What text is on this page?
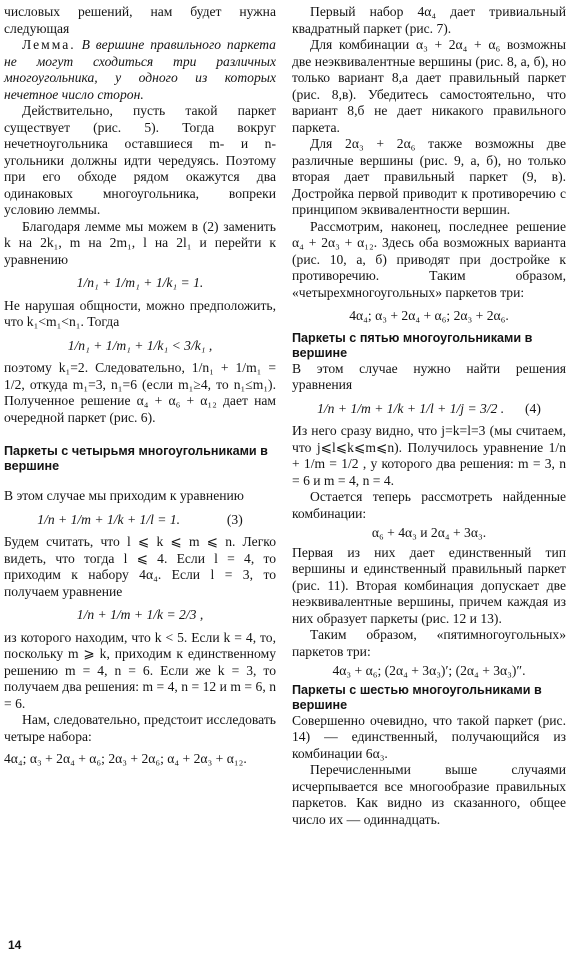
числовых решений, нам будет нужна следующая

Лемма. В вершине правильного паркета не могут сходиться три различных многоугольника, у одного из которых нечетное число сторон.

Действительно, пусть такой паркет существует (рис. 5). Тогда вокруг нечетноугольника оставшиеся m- и n-угольники должны идти чередуясь. Поэтому при его обходе рядом окажутся два одинаковых многоугольника, вопреки условию леммы.

Благодаря лемме мы можем в (2) заменить k на 2k₁, m на 2m₁, l на 2l₁ и перейти к уравнению

1/n₁ + 1/m₁ + 1/k₁ = 1.

Не нарушая общности, можно предположить, что k₁<m₁<n₁. Тогда

1/n₁ + 1/m₁ + 1/k₁ < 3/k₁ ,

поэтому k₁=2. Следовательно, 1/n₁ + 1/m₁ = 1/2, откуда m₁=3, n₁=6 (если m₁≥4, то n₁≤m₁). Полученное решение α₄ + α₆ + α₁₂ дает нам очередной паркет (рис. 6).

Паркеты с четырьмя многоугольниками в вершине

В этом случае мы приходим к уравнению

1/n + 1/m + 1/k + 1/l = 1.	(3)

Будем считать, что l ⩽ k ⩽ m ⩽ n. Легко видеть, что тогда l ⩽ 4. Если l = 4, то приходим к набору 4α₄. Если l = 3, то получаем уравнение

1/n + 1/m + 1/k = 2/3 ,

из которого находим, что k < 5. Если k = 4, то, поскольку m ⩾ k, приходим к единственному решению m = 4, n = 6. Если же k = 3, то получаем два решения: m = 4, n = 12 и m = 6, n = 6.

Нам, следовательно, предстоит исследовать четыре набора:

4α₄; α₃ + 2α₄ + α₆; 2α₃ + 2α₆; α₄ + 2α₃ + α₁₂.

Первый набор 4α₄ дает тривиальный квадратный паркет (рис. 7).

Для комбинации α₃ + 2α₄ + α₆ возможны две неэквивалентные вершины (рис. 8, а, б), но только вариант 8,а дает правильный паркет (рис. 8,в). Убедитесь самостоятельно, что вариант 8,б не дает никакого правильного паркета.

Для 2α₃ + 2α₆ также возможны две различные вершины (рис. 9, а, б), но только вторая дает правильный паркет (9, в). Достройка первой приводит к противоречию с принципом эквивалентности вершин.

Рассмотрим, наконец, последнее решение α₄ + 2α₃ + α₁₂. Здесь оба возможных варианта (рис. 10, а, б) приводят при достройке к противоречию. Таким образом, «четырехмногоугольных» паркетов три:

4α₄; α₃ + 2α₄ + α₆; 2α₃ + 2α₆.

Паркеты с пятью многоугольниками в вершине

В этом случае нужно найти решения уравнения

1/n + 1/m + 1/k + 1/l + 1/j = 3/2 . (4)

Из него сразу видно, что j=k=l=3 (мы считаем, что j⩽l⩽k⩽m⩽n). Получилось уравнение 1/n + 1/m = 1/2 , у которого два решения: m = 3, n = 6 и m = 4, n = 4.

Остается теперь рассмотреть найденные комбинации:

α₆ + 4α₃ и 2α₄ + 3α₃.

Первая из них дает единственный тип вершины и единственный правильный паркет (рис. 11). Вторая комбинация допускает две неэквивалентные вершины, причем каждая из них образует паркеты (рис. 12 и 13).

Таким образом, «пятимногоугольных» паркетов три:

4α₃ + α₆; (2α₄ + 3α₃)′; (2α₄ + 3α₃)″.

Паркеты с шестью многоугольниками в вершине

Совершенно очевидно, что такой паркет (рис. 14) — единственный, получающийся из комбинации 6α₃.

Перечисленными выше случаями исчерпывается все многообразие правильных паркетов. Как видно из сказанного, общее число их — одиннадцать.

14
